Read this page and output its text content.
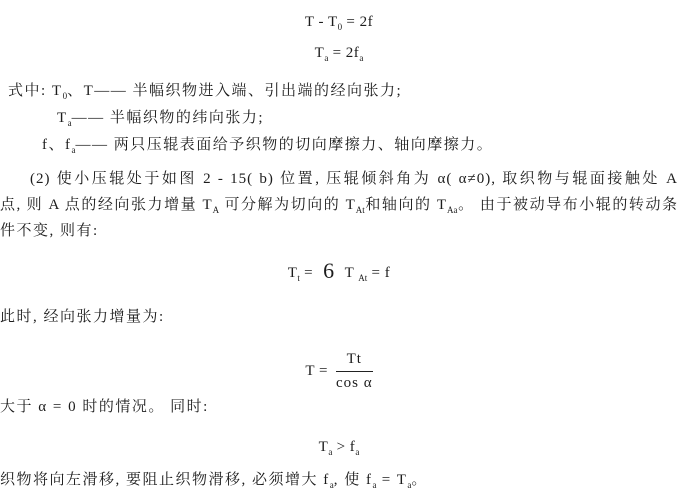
$T - T_0 = 2f$
$T_a = 2f_a$
式中: $T_0$、T—— 半幅织物进入端、引出端的经向张力;
$T_a——$ 半幅织物的纬向张力;
f、$f_a——$ 两只压辊表面给予织物的切向摩擦力、轴向摩擦力。
(2) 使小压辊处于如图 2 - 15( b) 位置, 压辊倾斜角为 α( α≠0), 取织物与辊面接触处 A
点, 则 A 点的经向张力增量 $T_A$ 可分解为切向的 $T_{At}$和轴向的 $T_{Aa}$。 由于被动导布小辊的转动条
件不变, 则有:
$T_t = 6$ T $_{At}$ = f
此时, 经向张力增量为:
$T = \frac{Tt}{\text{cos α}}$
大于 α = 0 时的情况。 同时:
$T_a > f_a$
织物将向左滑移, 要阻止织物滑移, 必须增大 $f_a$, 使 $f_a = T_a$。
